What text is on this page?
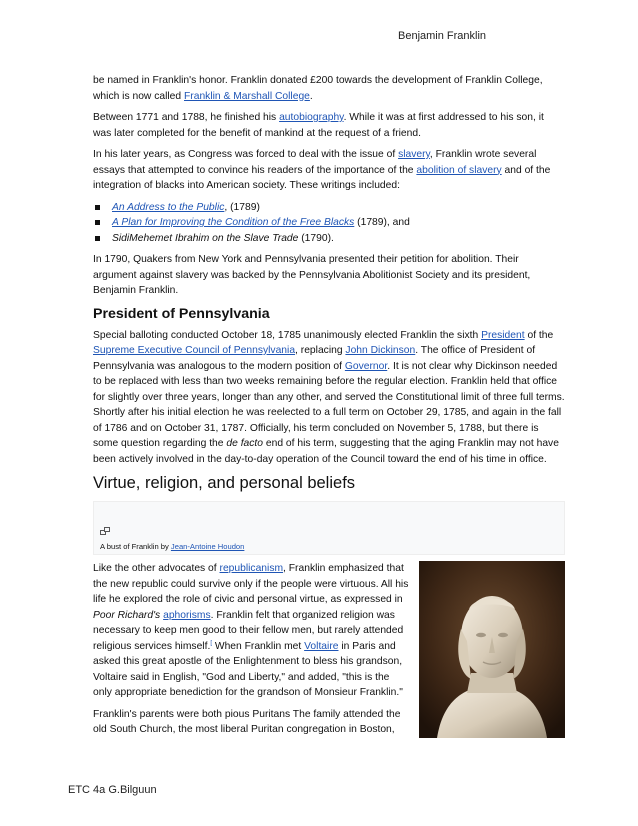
Benjamin Franklin

be named in Franklin's honor. Franklin donated £200 towards the development of Franklin College, which is now called Franklin & Marshall College.

Between 1771 and 1788, he finished his autobiography. While it was at first addressed to his son, it was later completed for the benefit of mankind at the request of a friend.

In his later years, as Congress was forced to deal with the issue of slavery, Franklin wrote several essays that attempted to convince his readers of the importance of the abolition of slavery and of the integration of blacks into American society. These writings included:

An Address to the Public, (1789)
A Plan for Improving the Condition of the Free Blacks (1789), and
SidiMehemet Ibrahim on the Slave Trade (1790).

In 1790, Quakers from New York and Pennsylvania presented their petition for abolition. Their argument against slavery was backed by the Pennsylvania Abolitionist Society and its president, Benjamin Franklin.

President of Pennsylvania

Special balloting conducted October 18, 1785 unanimously elected Franklin the sixth President of the Supreme Executive Council of Pennsylvania, replacing John Dickinson. The office of President of Pennsylvania was analogous to the modern position of Governor. It is not clear why Dickinson needed to be replaced with less than two weeks remaining before the regular election. Franklin held that office for slightly over three years, longer than any other, and served the Constitutional limit of three full terms. Shortly after his initial election he was reelected to a full term on October 29, 1785, and again in the fall of 1786 and on October 31, 1787. Officially, his term concluded on November 5, 1788, but there is some question regarding the de facto end of his term, suggesting that the aging Franklin may not have been actively involved in the day-to-day operation of the Council toward the end of his time in office.

Virtue, religion, and personal beliefs
A bust of Franklin by Jean-Antoine Houdon

Like the other advocates of republicanism, Franklin emphasized that the new republic could survive only if the people were virtuous. All his life he explored the role of civic and personal virtue, as expressed in Poor Richard's aphorisms. Franklin felt that organized religion was necessary to keep men good to their fellow men, but rarely attended religious services himself.[ When Franklin met Voltaire in Paris and asked this great apostle of the Enlightenment to bless his grandson, Voltaire said in English, "God and Liberty," and added, "this is the only appropriate benediction for the grandson of Monsieur Franklin."

Franklin's parents were both pious Puritans The family attended the old South Church, the most liberal Puritan congregation in Boston,

ETC 4a G.Bilguun
